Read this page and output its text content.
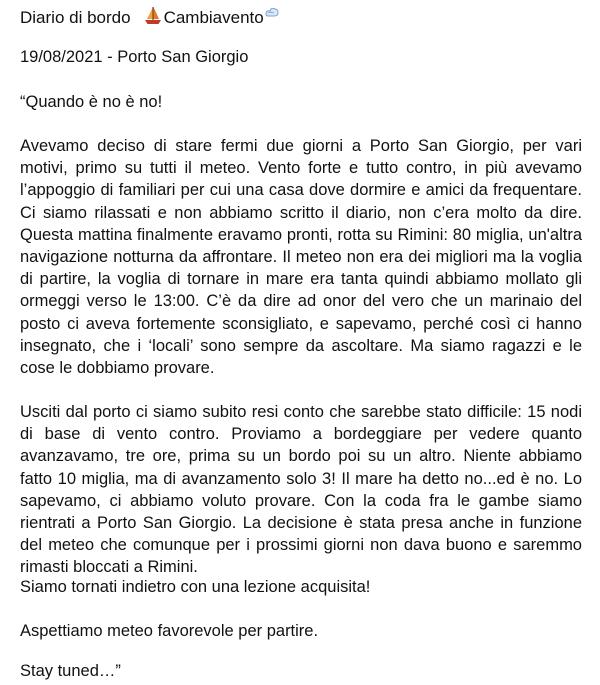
Diario di bordo Cambiavento
19/08/2021 - Porto San Giorgio
“Quando è no è no!
Avevamo deciso di stare fermi due giorni a Porto San Giorgio, per vari motivi, primo su tutti il meteo. Vento forte e tutto contro, in più avevamo l’appoggio di familiari per cui una casa dove dormire e amici da frequentare. Ci siamo rilassati e non abbiamo scritto il diario, non c’era molto da dire. Questa mattina finalmente eravamo pronti, rotta su Rimini: 80 miglia, un'altra navigazione notturna da affrontare. Il meteo non era dei migliori ma la voglia di partire, la voglia di tornare in mare era tanta quindi abbiamo mollato gli ormeggi verso le 13:00. C’è da dire ad onor del vero che un marinaio del posto ci aveva fortemente sconsigliato, e sapevamo, perché così ci hanno insegnato, che i ‘locali’ sono sempre da ascoltare. Ma siamo ragazzi e le cose le dobbiamo provare.
Usciti dal porto ci siamo subito resi conto che sarebbe stato difficile: 15 nodi di base di vento contro. Proviamo a bordeggiare per vedere quanto avanzavamo, tre ore, prima su un bordo poi su un altro. Niente abbiamo fatto 10 miglia, ma di avanzamento solo 3! Il mare ha detto no...ed è no. Lo sapevamo, ci abbiamo voluto provare. Con la coda fra le gambe siamo rientrati a Porto San Giorgio. La decisione è stata presa anche in funzione del meteo che comunque per i prossimi giorni non dava buono e saremmo rimasti bloccati a Rimini.
Siamo tornati indietro con una lezione acquisita!
Aspettiamo meteo favorevole per partire.
Stay tuned…”
